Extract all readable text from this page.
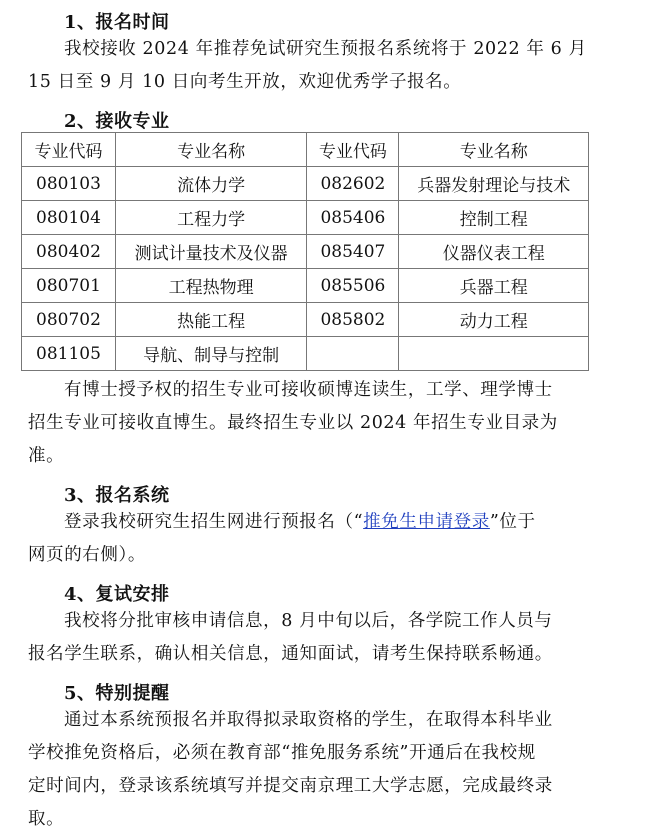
1、报名时间
我校接收 2024 年推荐免试研究生预报名系统将于 2022 年 6 月
15 日至 9 月 10 日向考生开放，欢迎优秀学子报名。
2、接收专业
专业代码	专业名称	专业代码	专业名称
080103	流体力学	082602	兵器发射理论与技术
080104	工程力学	085406	控制工程
080402	测试计量技术及仪器	085407	仪器仪表工程
080701	工程热物理	085506	兵器工程
080702	热能工程	085802	动力工程
081105	导航、制导与控制		
有博士授予权的招生专业可接收硕博连读生，工学、理学博士
招生专业可接收直博生。最终招生专业以 2024 年招生专业目录为
准。
3、报名系统
登录我校研究生招生网进行预报名（“推免生申请登录”位于
网页的右侧）。
4、复试安排
我校将分批审核申请信息，8 月中旬以后，各学院工作人员与
报名学生联系，确认相关信息，通知面试，请考生保持联系畅通。
5、特别提醒
通过本系统预报名并取得拟录取资格的学生，在取得本科毕业
学校推免资格后，必须在教育部“推免服务系统”开通后在我校规
定时间内，登录该系统填写并提交南京理工大学志愿，完成最终录
取。
